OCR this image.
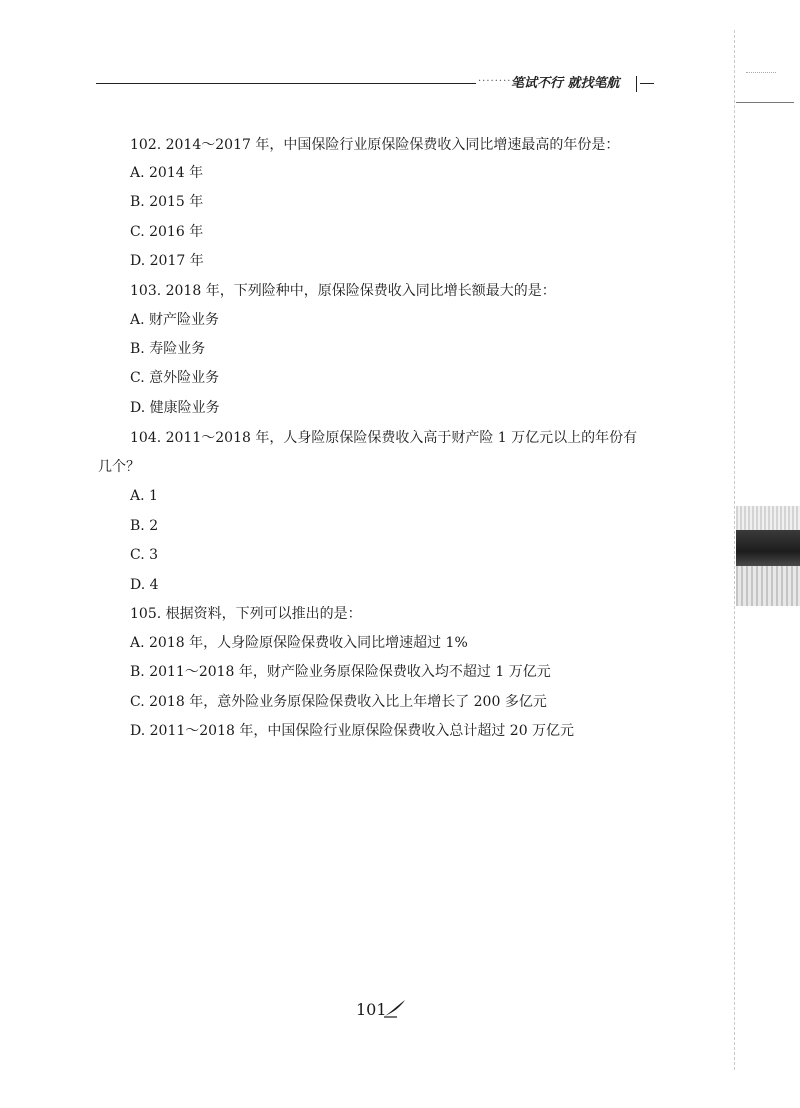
·········
笔试不行 就找笔航
102. 2014～2017 年，中国保险行业原保险保费收入同比增速最高的年份是：
A. 2014 年
B. 2015 年
C. 2016 年
D. 2017 年
103. 2018 年，下列险种中，原保险保费收入同比增长额最大的是：
A. 财产险业务
B. 寿险业务
C. 意外险业务
D. 健康险业务
104. 2011～2018 年，人身险原保险保费收入高于财产险 1 万亿元以上的年份有
几个？
A. 1
B. 2
C. 3
D. 4
105. 根据资料，下列可以推出的是：
A. 2018 年，人身险原保险保费收入同比增速超过 1%
B. 2011～2018 年，财产险业务原保险保费收入均不超过 1 万亿元
C. 2018 年，意外险业务原保险保费收入比上年增长了 200 多亿元
D. 2011～2018 年，中国保险行业原保险保费收入总计超过 20 万亿元
101
